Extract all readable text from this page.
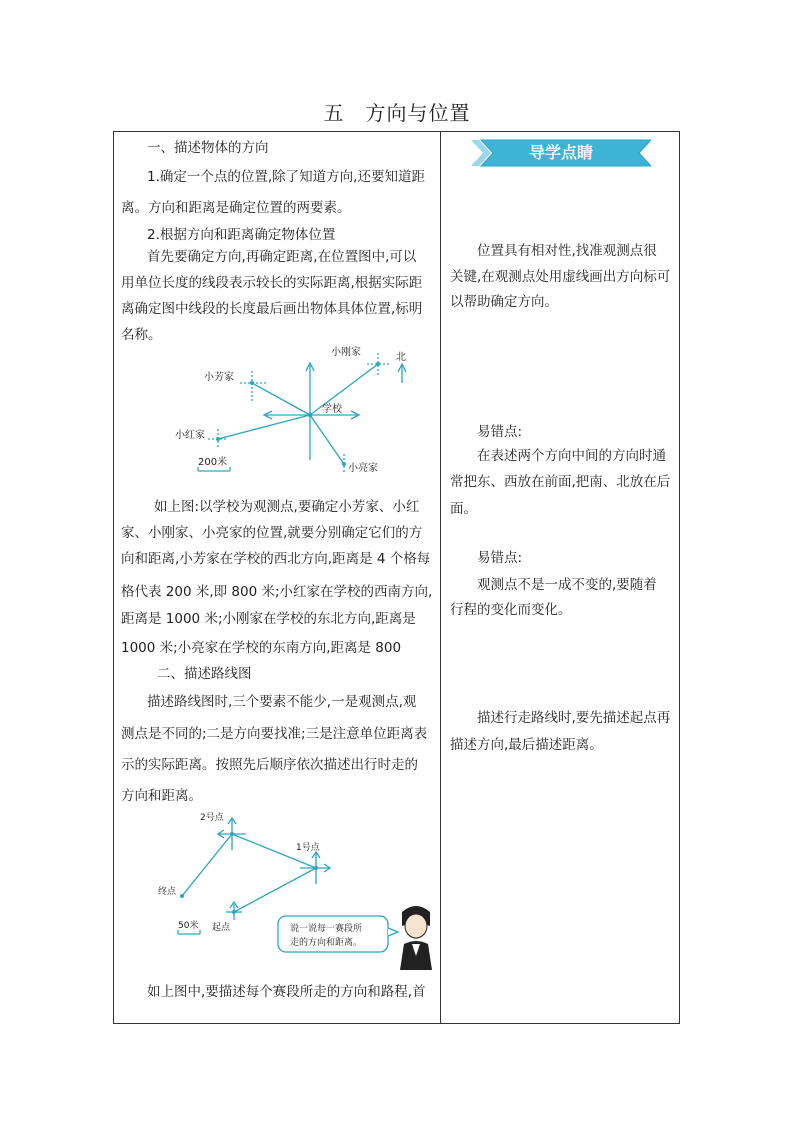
五　方向与位置
一、描述物体的方向
1.确定一个点的位置,除了知道方向,还要知道距
离。方向和距离是确定位置的两要素。
2.根据方向和距离确定物体位置
首先要确定方向,再确定距离,在位置图中,可以
用单位长度的线段表示较长的实际距离,根据实际距
离确定图中线段的长度最后画出物体具体位置,标明
名称。
小刚家	北
小芳家
学校
小红家
小亮家
200米
如上图:以学校为观测点,要确定小芳家、小红
家、小刚家、小亮家的位置,就要分别确定它们的方
向和距离,小芳家在学校的西北方向,距离是 4 个格每
格代表 200 米,即 800 米;小红家在学校的西南方向,
距离是 1000 米;小刚家在学校的东北方向,距离是
1000 米;小亮家在学校的东南方向,距离是 800
二、描述路线图
描述路线图时,三个要素不能少,一是观测点,观
测点是不同的;二是方向要找准;三是注意单位距离表
示的实际距离。按照先后顺序依次描述出行时走的
方向和距离。
2号点
1号点
终点
起点
50米	说一说每一赛段所
走的方向和距离。
如上图中,要描述每个赛段所走的方向和路程,首
导学点睛
位置具有相对性,找准观测点很
关键,在观测点处用虚线画出方向标可
以帮助确定方向。
易错点:
在表述两个方向中间的方向时通
常把东、西放在前面,把南、北放在后
面。
易错点:
观测点不是一成不变的,要随着
行程的变化而变化。
描述行走路线时,要先描述起点再
描述方向,最后描述距离。
